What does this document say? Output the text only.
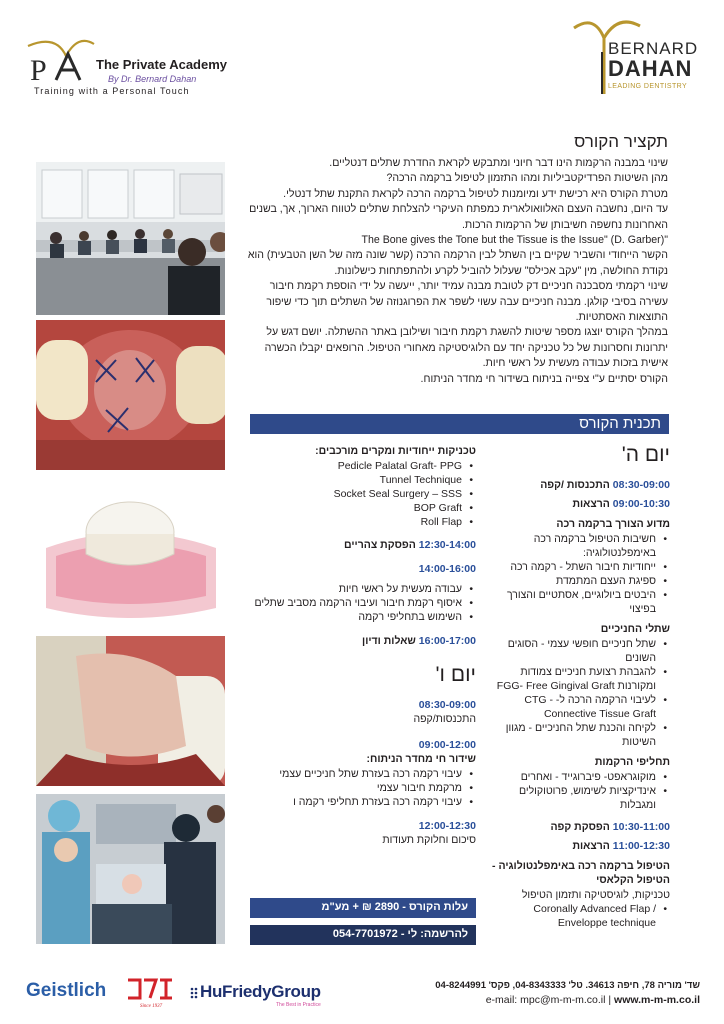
P	The Private Academy
By Dr. Bernard Dahan
Training with a Personal Touch
BERNARD
DAHAN
LEADING DENTISTRY
תקציר הקורס

שינוי במבנה הרקמות הינו דבר חיוני ומתבקש לקראת החדרת שתלים דנטליים.

מהן השיטות הפרדיקטביליות ומהו התזמון לטיפול ברקמה הרכה?

מטרת הקורס היא רכישת ידע ומיומנות לטיפול ברקמה הרכה לקראת התקנת שתל דנטלי.

עד היום, נחשבה העצם האלוואולארית כמפתח העיקרי להצלחת שתלים לטווח הארוך, אך, בשנים האחרונות נחשפה חשיבותן של הרקמות הרכות.

"The Bone gives the Tone but the Tissue is the Issue" (D. Garber)

הקשר הייחודי והשביר שקיים בין השתל לבין הרקמה הרכה (קשר שונה מזה של השן הטבעית) הוא נקודת החולשה, מין "עקב אכילס" שעלול להוביל לקרע ולהתפתחות כישלונות.

שינוי רקמתי מסבכנה חניכיים דק לטובת מבנה עמיד יותר, ייעשה על ידי הוספת רקמת חיבור עשירה בסיבי קולגן. מבנה חניכיים עבה עשוי לשפר את הפרוגנוזה של השתלים תוך כדי שיפור התוצאות האסתטיות.

במהלך הקורס יוצגו מספר שיטות להשגת רקמת חיבור ושילובן באתר ההשתלה. יושם דגש על יתרונות וחסרונות של כל טכניקה יחד עם הלוגיסטיקה מאחורי הטיפול. הרופאים יקבלו הכשרה אישית בזכות עבודה מעשית על ראשי חיות.

הקורס יסתיים ע"י צפייה בניתוח בשידור חי מחדר הניתוח.

תכנית הקורס
יום ה'
08:30-09:00 התכנסות /קפה
09:00-10:30 הרצאות
מדוע הצורך ברקמה רכה
• חשיבות הטיפול ברקמה רכה באימפלנטולוגיה:
• ייחודיות חיבור השתל - רקמה רכה
• ספיגת העצם המתמדת
• היבטים ביולוגיים, אסתטיים והצורך בפיצוי
שתלי החניכיים
• שתל חניכיים חופשי עצמי - הסוגים השונים
• להגבהת רצועת חניכיים צמודות ומקורנות FGG- Free Gingival Graft
• לעיבוי הרקמה הרכה ל- CTG -Connective Tissue Graft
• לקיחה והכנת שתל החניכיים - מגוון השיטות
תחליפי הרקמות
• מוקוגראפט- פיברוגייד - ואחרים
• אינדיקציות לשימוש, פרוטוקולים ומגבלות
10:30-11:00 הפסקת קפה
11:00-12:30 הרצאות
הטיפול ברקמה רכה באימפלנטולוגיה - הטיפול הקלאסי
טכניקות, לוגיסטיקה ותזמון הטיפול
• Coronally Advanced Flap / Enveloppe technique
טכניקות ייחודיות ומקרים מורכבים:
• Pedicle Palatal Graft- PPG
• Tunnel Technique
• Socket Seal Surgery – SSS
• BOP Graft
• Roll Flap
12:30-14:00 הפסקת צהריים
14:00-16:00
• עבודה מעשית על ראשי חיות
• איסוף רקמת חיבור ועיבוי הרקמה מסביב שתלים
• השימוש בתחליפי רקמה
16:00-17:00 שאלות ודיון
יום ו'
08:30-09:00
התכנסות/קפה
09:00-12:00
שידור חי מחדר הניתוח:
• עיבוי רקמה רכה בעזרת שתל חניכיים עצמי
• מרקמת חיבור עצמי
• עיבוי רקמה רכה בעזרת תחליפי רקמה ו
12:00-12:30
סיכום וחלוקת תעודות
עלות הקורס - 2890 ₪ + מע"מ
להרשמה: לי - 054-7701972
Geistlich
Since 1937
HuFriedyGroup
The Best in Practice
שד' מוריה 78, חיפה 34613. טל' 04-8343333, פקס' 04-8244991
e-mail: mpc@m-m-m.co.il | www.m-m-m.co.il
